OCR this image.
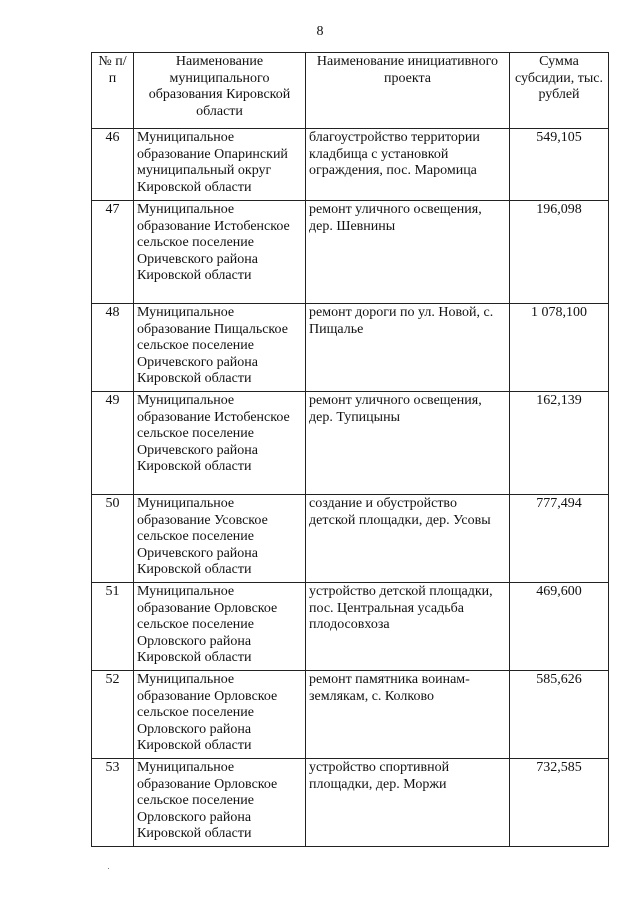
8
№ п/п	Наименование муниципального образования Кировской области	Наименование инициативного проекта	Сумма субсидии, тыс. рублей
46	Муниципальное образование Опаринский муниципальный округ Кировской области	благоустройство территории кладбища с установкой ограждения, пос. Маромица	549,105
47	Муниципальное образование Истобенское сельское поселение Оричевского района Кировской области	ремонт уличного освещения, дер. Шевнины	196,098
48	Муниципальное образование Пищальское сельское поселение Оричевского района Кировской области	ремонт дороги по ул. Новой, с. Пищалье	1 078,100
49	Муниципальное образование Истобенское сельское поселение Оричевского района Кировской области	ремонт уличного освещения, дер. Тупицыны	162,139
50	Муниципальное образование Усовское сельское поселение Оричевского района Кировской области	создание и обустройство детской площадки, дер. Усовы	777,494
51	Муниципальное образование Орловское сельское поселение Орловского района Кировской области	устройство детской площадки, пос. Центральная усадьба плодосовхоза	469,600
52	Муниципальное образование Орловское сельское поселение Орловского района Кировской области	ремонт памятника воинам-землякам, с. Колково	585,626
53	Муниципальное образование Орловское сельское поселение Орловского района Кировской области	устройство спортивной площадки, дер. Моржи	732,585
